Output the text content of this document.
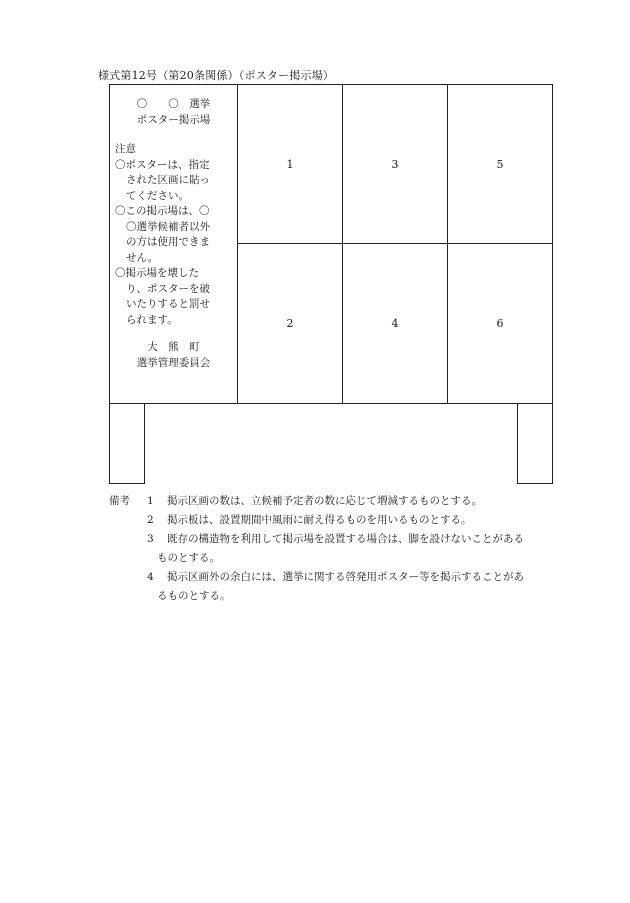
様式第12号（第20条関係）（ポスター掲示場）
〇　　〇　選挙
ポスター掲示場
注意
〇ポスターは、指定
された区画に貼っ
てください。
〇この掲示場は、〇
〇選挙候補者以外
の方は使用できま
せん。
〇掲示場を壊した
り、ポスターを破
いたりすると罰せ
られます。
大　熊　町
選挙管理委員会
1	3	5
2	4	6
備考 1 掲示区画の数は、立候補予定者の数に応じて増減するものとする。
2 掲示板は、設置期間中風雨に耐え得るものを用いるものとする。
3 既存の構造物を利用して掲示場を設置する場合は、脚を設けないことがある
ものとする。
4 掲示区画外の余白には、選挙に関する啓発用ポスター等を掲示することがあ
るものとする。
